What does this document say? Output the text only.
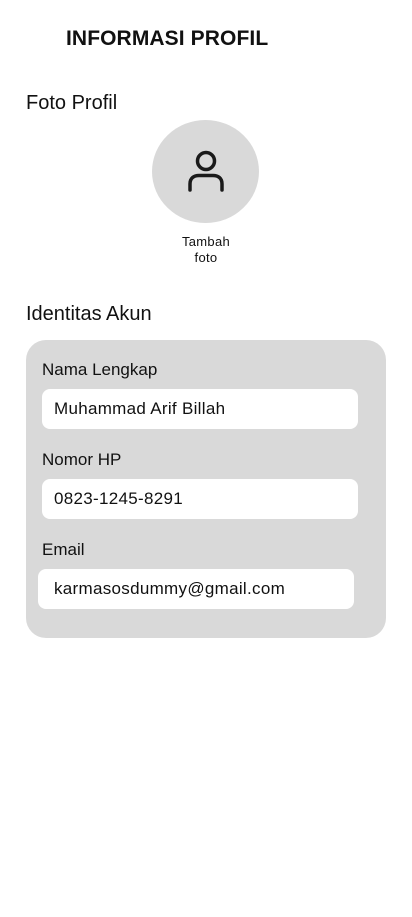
INFORMASI PROFIL
Foto Profil
Tambah
foto
Identitas Akun
Nama Lengkap
Muhammad Arif Billah
Nomor HP
0823-1245-8291
Email
karmasosdummy@gmail.com
